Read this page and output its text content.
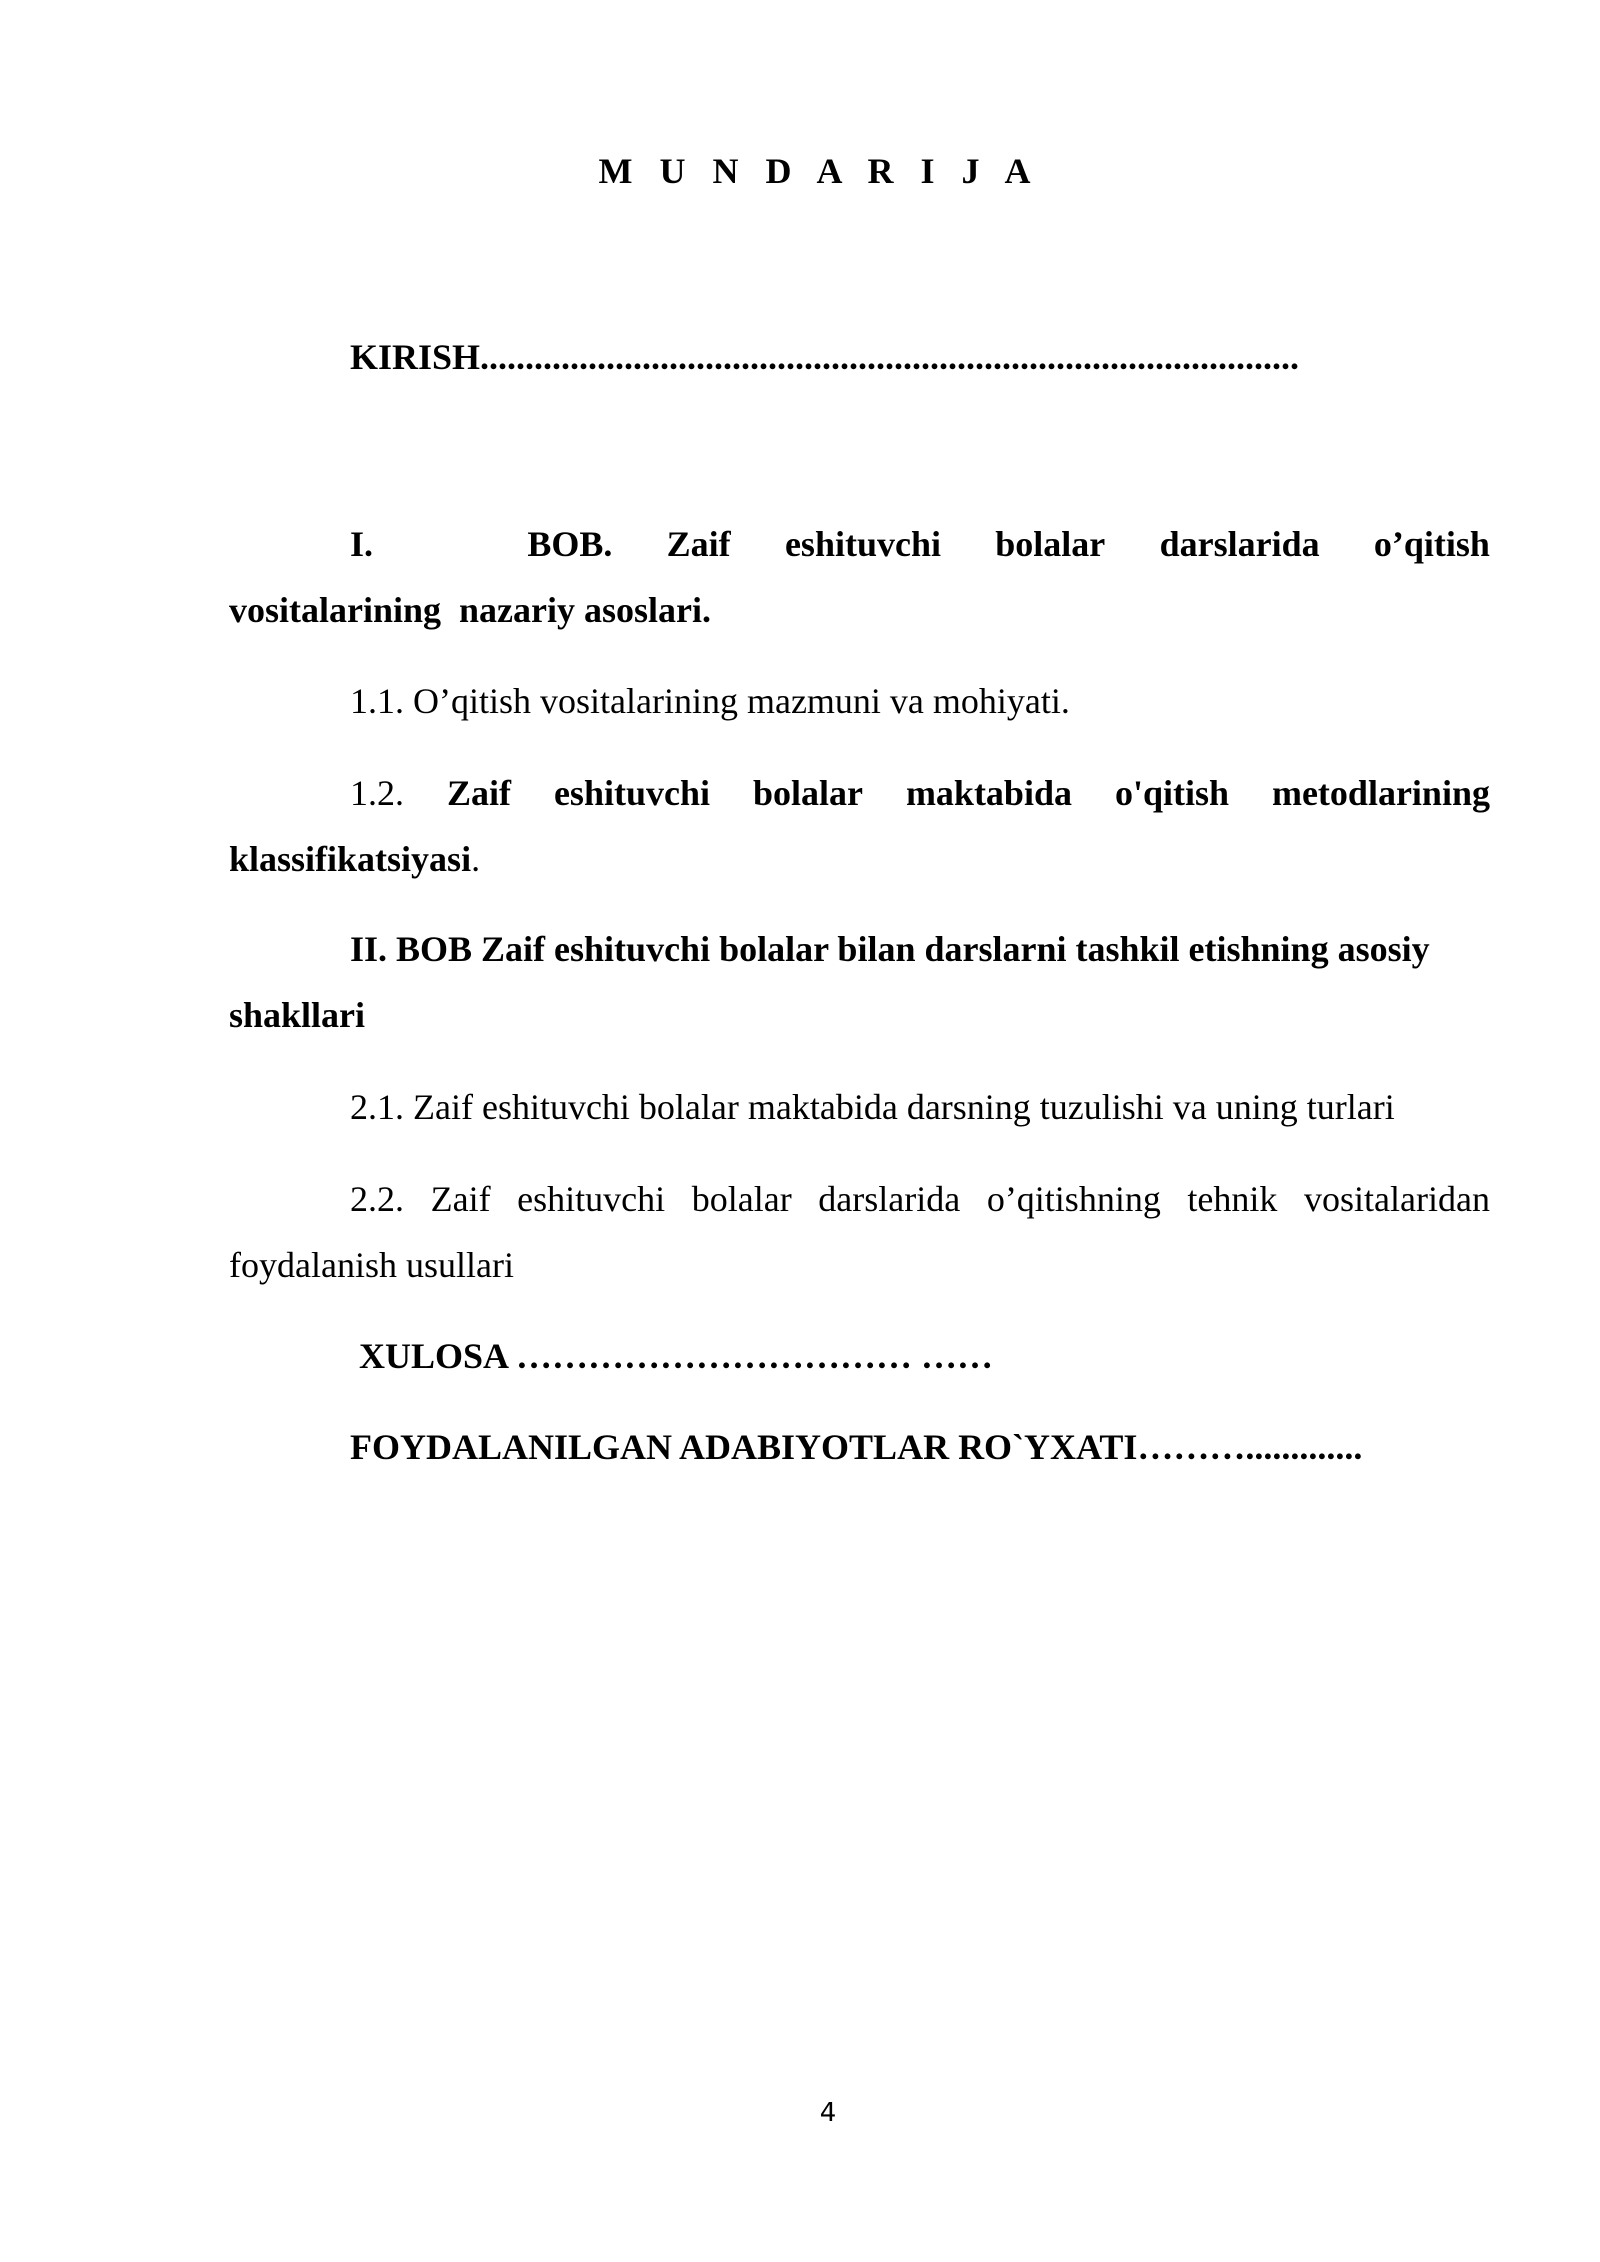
M U N D A R I J A
KIRISH...........................................................................................
I.	BOB. Zaif eshituvchi bolalar darslarida o’qitish
vositalarining  nazariy asoslari.
1.1. O’qitish vositalarining mazmuni va mohiyati.
1.2. Zaif eshituvchi bolalar maktabida o'qitish metodlarining
klassifikatsiyasi.
II. BOB Zaif eshituvchi bolalar bilan darslarni tashkil etishning asosiy
shakllari
2.1. Zaif eshituvchi bolalar maktabida darsning tuzulishi va uning turlari
2.2. Zaif eshituvchi bolalar darslarida o’qitishning tehnik vositalaridan
foydalanish usullari
XULOSA …………………………… ……
FOYDALANILGAN ADABIYOTLAR RO`YXATI……….............
4
